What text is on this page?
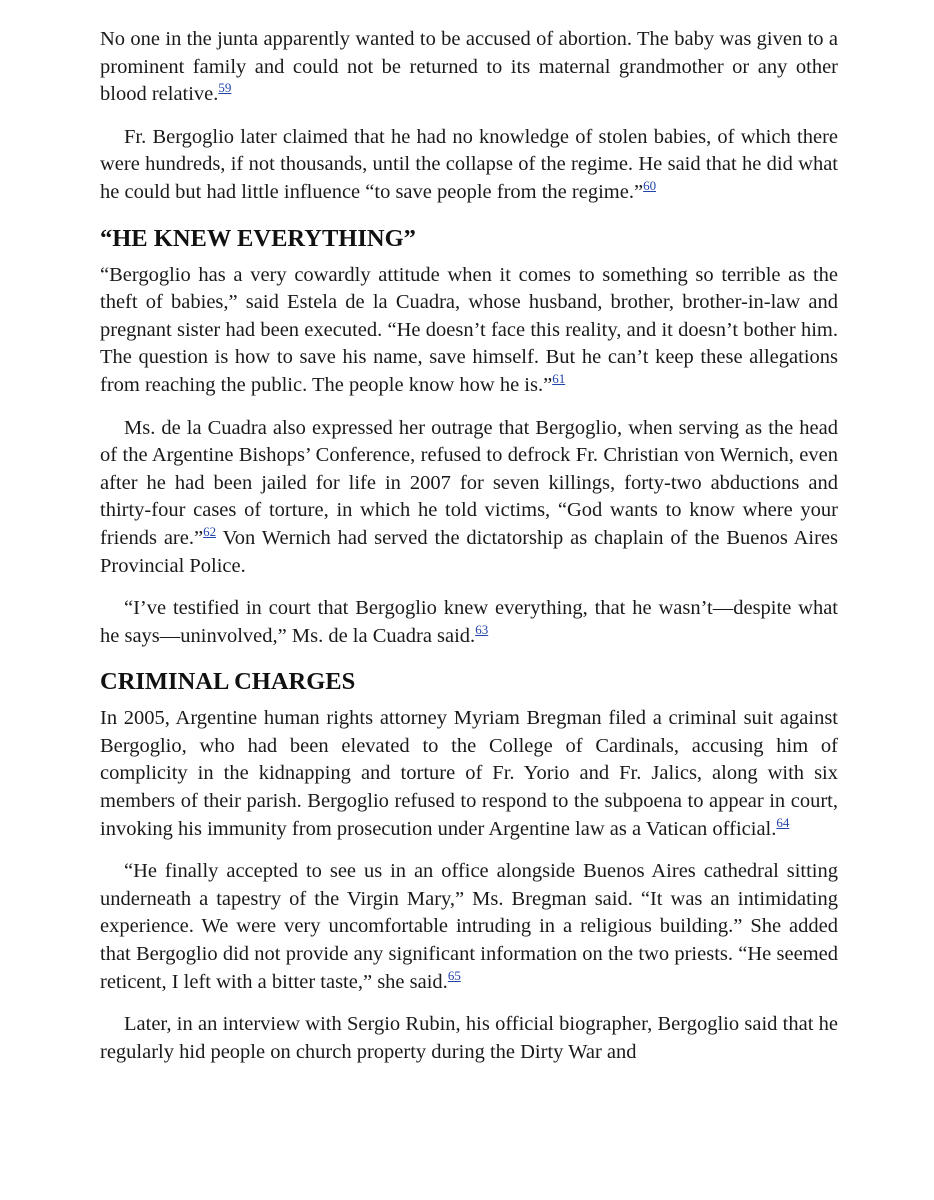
No one in the junta apparently wanted to be accused of abortion. The baby was given to a prominent family and could not be returned to its maternal grandmother or any other blood relative.$^{59}$

Fr. Bergoglio later claimed that he had no knowledge of stolen babies, of which there were hundreds, if not thousands, until the collapse of the regime. He said that he did what he could but had little influence “to save people from the regime.”$^{60}$

“HE KNEW EVERYTHING”

“Bergoglio has a very cowardly attitude when it comes to something so terrible as the theft of babies,” said Estela de la Cuadra, whose husband, brother, brother-in-law and pregnant sister had been executed. “He doesn’t face this reality, and it doesn’t bother him. The question is how to save his name, save himself. But he can’t keep these allegations from reaching the public. The people know how he is.”$^{61}$

Ms. de la Cuadra also expressed her outrage that Bergoglio, when serving as the head of the Argentine Bishops’ Conference, refused to defrock Fr. Christian von Wernich, even after he had been jailed for life in 2007 for seven killings, forty-two abductions and thirty-four cases of torture, in which he told victims, “God wants to know where your friends are.”$^{62}$ Von Wernich had served the dictatorship as chaplain of the Buenos Aires Provincial Police.

“I’ve testified in court that Bergoglio knew everything, that he wasn’t—despite what he says—uninvolved,” Ms. de la Cuadra said.$^{63}$

CRIMINAL CHARGES

In 2005, Argentine human rights attorney Myriam Bregman filed a criminal suit against Bergoglio, who had been elevated to the College of Cardinals, accusing him of complicity in the kidnapping and torture of Fr. Yorio and Fr. Jalics, along with six members of their parish. Bergoglio refused to respond to the subpoena to appear in court, invoking his immunity from prosecution under Argentine law as a Vatican official.$^{64}$

“He finally accepted to see us in an office alongside Buenos Aires cathedral sitting underneath a tapestry of the Virgin Mary,” Ms. Bregman said. “It was an intimidating experience. We were very uncomfortable intruding in a religious building.” She added that Bergoglio did not provide any significant information on the two priests. “He seemed reticent, I left with a bitter taste,” she said.$^{65}$

Later, in an interview with Sergio Rubin, his official biographer, Bergoglio said that he regularly hid people on church property during the Dirty War and
